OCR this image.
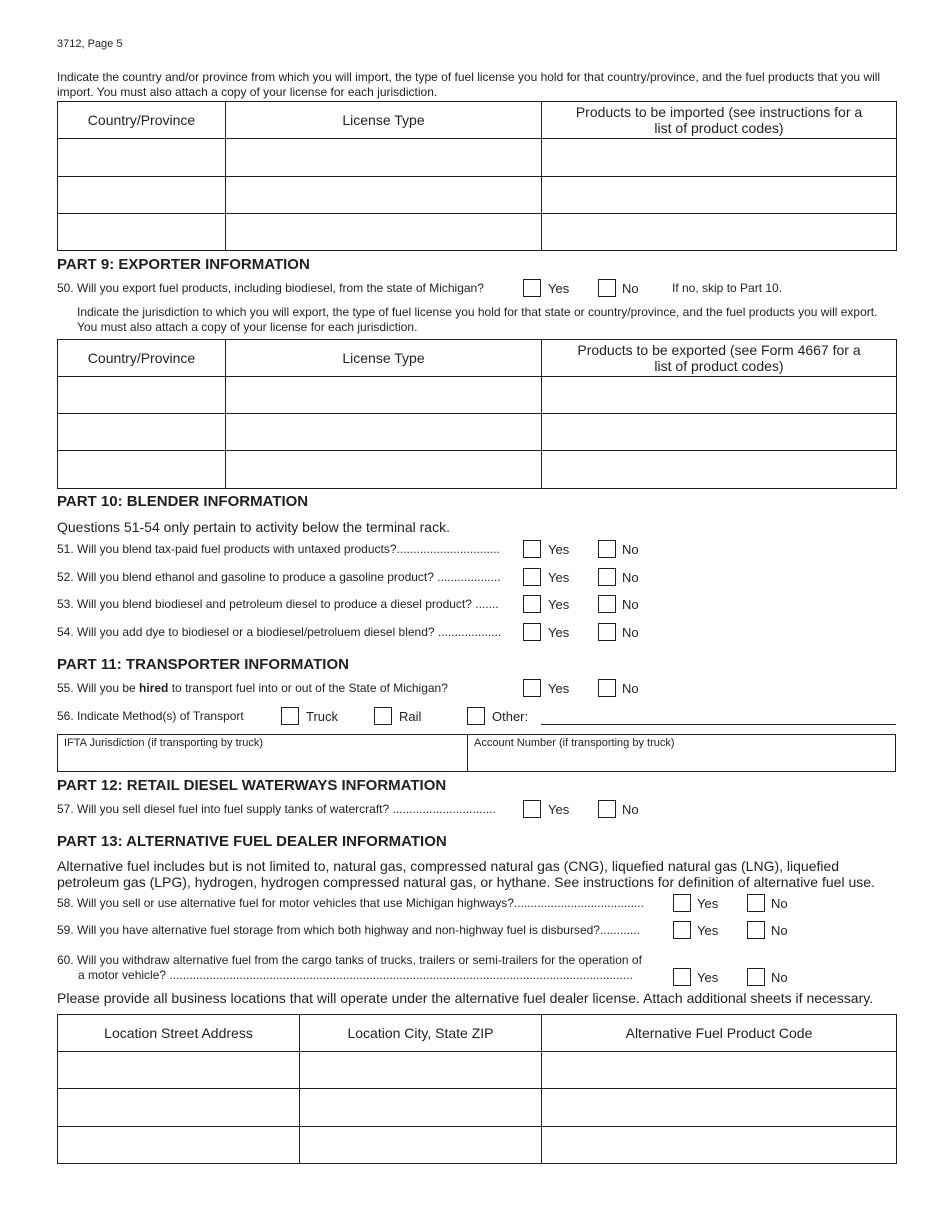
3712, Page 5
Indicate the country and/or province from which you will import, the type of fuel license you hold for that country/province, and the fuel products that you will import. You must also attach a copy of your license for each jurisdiction.
Country/Province	License Type	Products to be imported (see instructions for a list of product codes)

PART 9: EXPORTER INFORMATION
50. Will you export fuel products, including biodiesel, from the state of Michigan?	Yes	No	If no, skip to Part 10.
Indicate the jurisdiction to which you will export, the type of fuel license you hold for that state or country/province, and the fuel products you will export. You must also attach a copy of your license for each jurisdiction.
Country/Province	License Type	Products to be exported (see Form 4667 for a list of product codes)

PART 10: BLENDER INFORMATION
Questions 51-54 only pertain to activity below the terminal rack.
51. Will you blend tax-paid fuel products with untaxed products?...............................	Yes	No
52. Will you blend ethanol and gasoline to produce a gasoline product? ...................	Yes	No
53. Will you blend biodiesel and petroleum diesel to produce a diesel product? .......	Yes	No
54. Will you add dye to biodiesel or a biodiesel/petroluem diesel blend? ...................	Yes	No
PART 11: TRANSPORTER INFORMATION
55. Will you be hired to transport fuel into or out of the State of Michigan?	Yes	No
56. Indicate Method(s) of Transport	Truck	Rail	Other:
IFTA Jurisdiction (if transporting by truck)	Account Number (if transporting by truck)
PART 12: RETAIL DIESEL WATERWAYS INFORMATION
57. Will you sell diesel fuel into fuel supply tanks of watercraft? ...............................	Yes	No
PART 13: ALTERNATIVE FUEL DEALER INFORMATION
Alternative fuel includes but is not limited to, natural gas, compressed natural gas (CNG), liquefied natural gas (LNG), liquefied petroleum gas (LPG), hydrogen, hydrogen compressed natural gas, or hythane. See instructions for definition of alternative fuel use.
58. Will you sell or use alternative fuel for motor vehicles that use Michigan highways?.......................................	Yes	No
59. Will you have alternative fuel storage from which both highway and non-highway fuel is disbursed?............	Yes	No
60. Will you withdraw alternative fuel from the cargo tanks of trucks, trailers or semi-trailers for the operation of
a motor vehicle? ...........................................................................................................................................	Yes	No
Please provide all business locations that will operate under the alternative fuel dealer license. Attach additional sheets if necessary.
Location Street Address	Location City, State ZIP	Alternative Fuel Product Code
